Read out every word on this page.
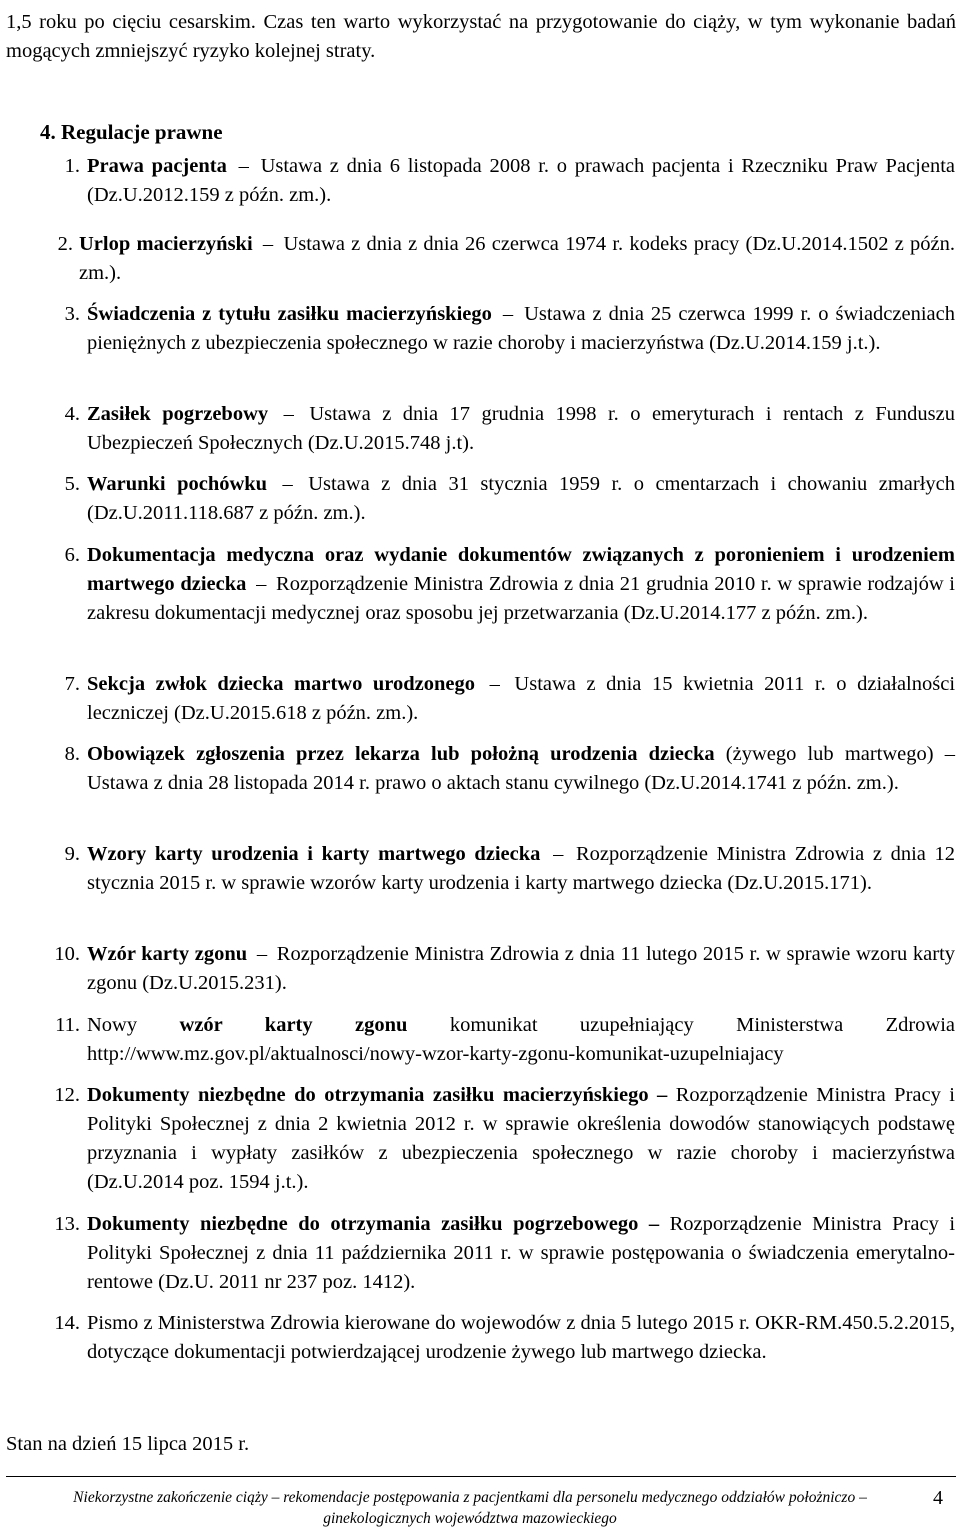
1,5 roku po cięciu cesarskim. Czas ten warto wykorzystać na przygotowanie do ciąży, w tym wykonanie badań mogących zmniejszyć ryzyko kolejnej straty.
4. Regulacje prawne
1. Prawa pacjenta – Ustawa z dnia 6 listopada 2008 r. o prawach pacjenta i Rzeczniku Praw Pacjenta (Dz.U.2012.159 z późn. zm.).
2. Urlop macierzyński – Ustawa z dnia z dnia 26 czerwca 1974 r. kodeks pracy (Dz.U.2014.1502 z późn. zm.).
3. Świadczenia z tytułu zasiłku macierzyńskiego – Ustawa z dnia 25 czerwca 1999 r. o świadczeniach pieniężnych z ubezpieczenia społecznego w razie choroby i macierzyństwa (Dz.U.2014.159 j.t.).
4. Zasiłek pogrzebowy – Ustawa z dnia 17 grudnia 1998 r. o emeryturach i rentach z Funduszu Ubezpieczeń Społecznych (Dz.U.2015.748 j.t).
5. Warunki pochówku – Ustawa z dnia 31 stycznia 1959 r. o cmentarzach i chowaniu zmarłych (Dz.U.2011.118.687 z późn. zm.).
6. Dokumentacja medyczna oraz wydanie dokumentów związanych z poronieniem i urodzeniem martwego dziecka – Rozporządzenie Ministra Zdrowia z dnia 21 grudnia 2010 r. w sprawie rodzajów i zakresu dokumentacji medycznej oraz sposobu jej przetwarzania (Dz.U.2014.177 z późn. zm.).
7. Sekcja zwłok dziecka martwo urodzonego – Ustawa z dnia 15 kwietnia 2011 r. o działalności leczniczej (Dz.U.2015.618 z późn. zm.).
8. Obowiązek zgłoszenia przez lekarza lub położną urodzenia dziecka (żywego lub martwego) – Ustawa z dnia 28 listopada 2014 r. prawo o aktach stanu cywilnego (Dz.U.2014.1741 z późn. zm.).
9. Wzory karty urodzenia i karty martwego dziecka – Rozporządzenie Ministra Zdrowia z dnia 12 stycznia 2015 r. w sprawie wzorów karty urodzenia i karty martwego dziecka (Dz.U.2015.171).
10. Wzór karty zgonu – Rozporządzenie Ministra Zdrowia z dnia 11 lutego 2015 r. w sprawie wzoru karty zgonu (Dz.U.2015.231).
11. Nowy wzór karty zgonu komunikat uzupełniający Ministerstwa Zdrowia http://www.mz.gov.pl/aktualnosci/nowy-wzor-karty-zgonu-komunikat-uzupelniajacy
12. Dokumenty niezbędne do otrzymania zasiłku macierzyńskiego – Rozporządzenie Ministra Pracy i Polityki Społecznej z dnia 2 kwietnia 2012 r. w sprawie określenia dowodów stanowiących podstawę przyznania i wypłaty zasiłków z ubezpieczenia społecznego w razie choroby i macierzyństwa (Dz.U.2014 poz. 1594 j.t.).
13. Dokumenty niezbędne do otrzymania zasiłku pogrzebowego – Rozporządzenie Ministra Pracy i Polityki Społecznej z dnia 11 października 2011 r. w sprawie postępowania o świadczenia emerytalno-rentowe (Dz.U. 2011 nr 237 poz. 1412).
14. Pismo z Ministerstwa Zdrowia kierowane do wojewodów z dnia 5 lutego 2015 r. OKR-RM.450.5.2.2015, dotyczące dokumentacji potwierdzającej urodzenie żywego lub martwego dziecka.
Stan na dzień 15 lipca 2015 r.
Niekorzystne zakończenie ciąży – rekomendacje postępowania z pacjentkami dla personelu medycznego oddziałów położniczo – ginekologicznych województwa mazowieckiego
4
